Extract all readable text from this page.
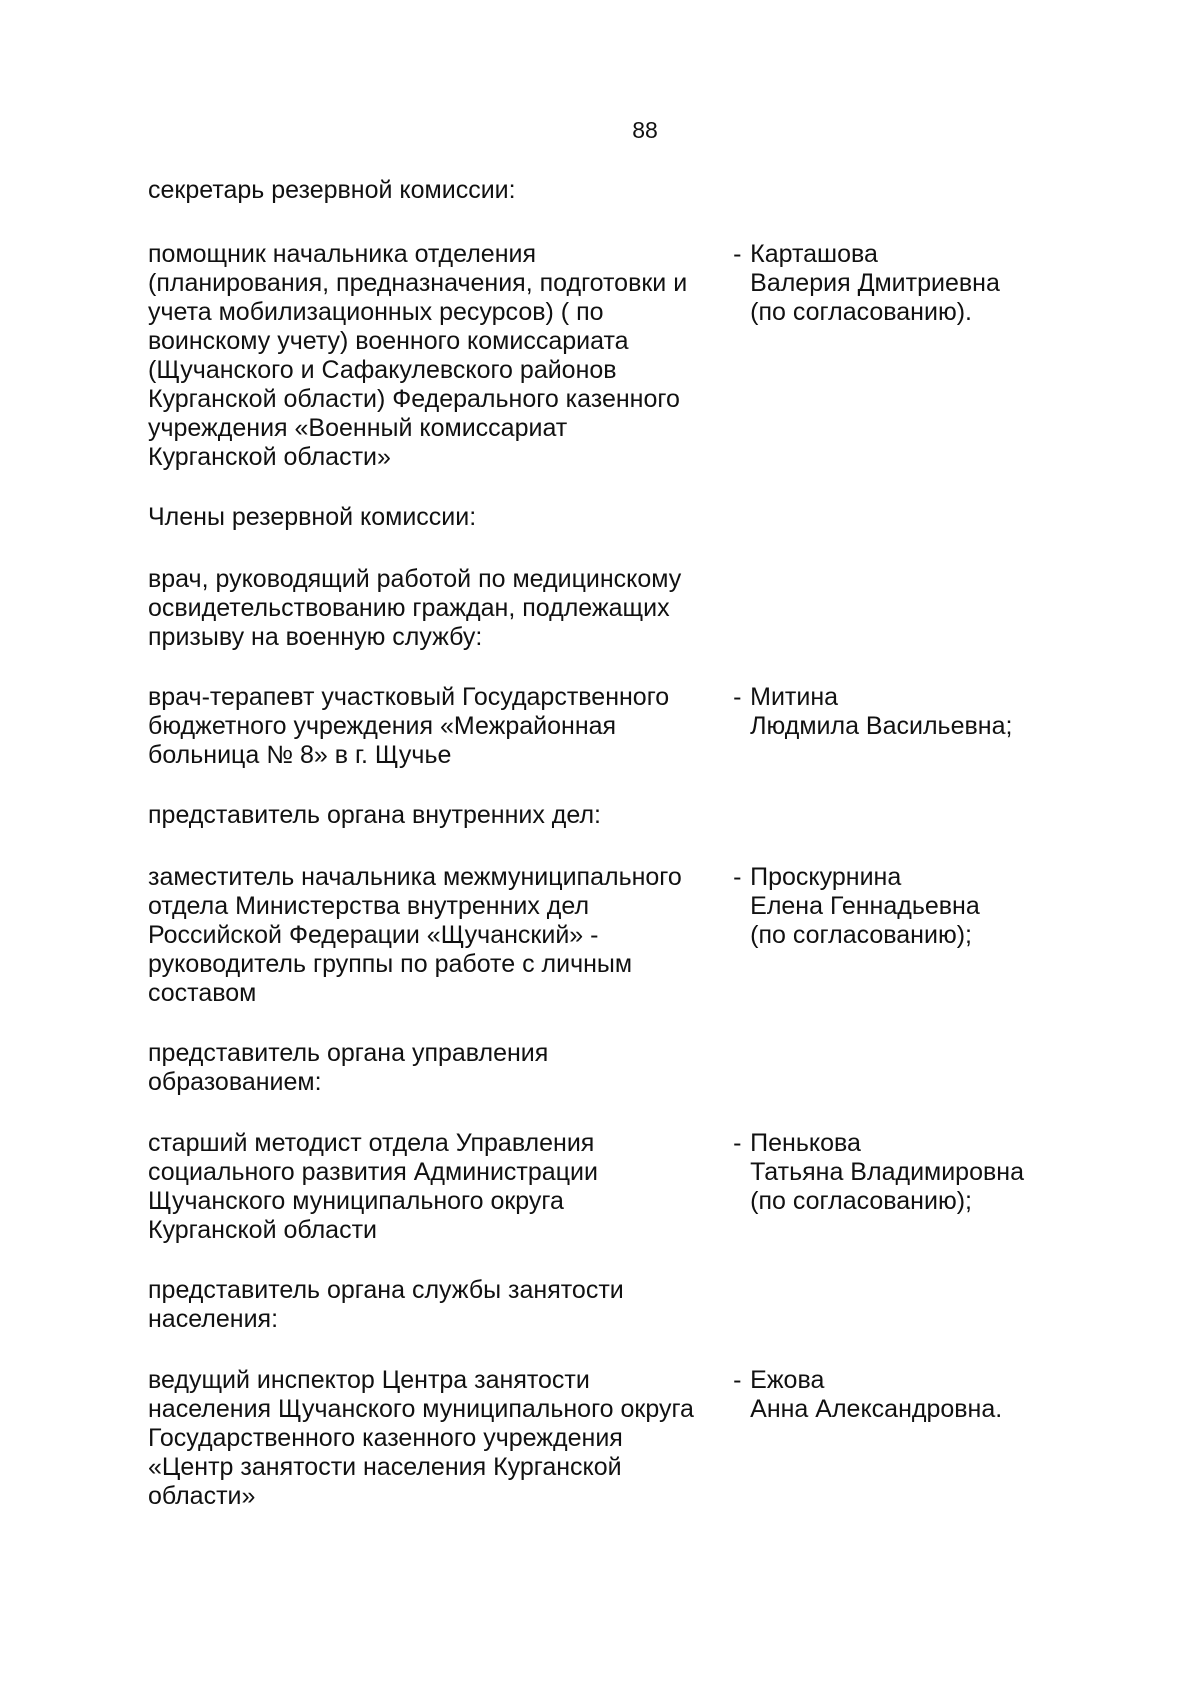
88
секретарь резервной комиссии:
помощник начальника отделения
(планирования, предназначения, подготовки и
учета мобилизационных ресурсов) ( по
воинскому учету) военного комиссариата
(Щучанского и Сафакулевского районов
Курганской области) Федерального казенного
учреждения «Военный комиссариат
Курганской области»
- Карташова
Валерия Дмитриевна
(по согласованию).
Члены резервной комиссии:
врач, руководящий работой по медицинскому
освидетельствованию граждан, подлежащих
призыву на военную службу:
врач-терапевт участковый Государственного
бюджетного учреждения «Межрайонная
больница № 8» в г. Щучье
- Митина
Людмила Васильевна;
представитель органа внутренних дел:
заместитель начальника межмуниципального
отдела Министерства внутренних дел
Российской Федерации «Щучанский» -
руководитель группы по работе с личным
составом
- Проскурнина
Елена Геннадьевна
(по согласованию);
представитель органа управления
образованием:
старший методист отдела Управления
социального развития Администрации
Щучанского муниципального округа
Курганской области
- Пенькова
Татьяна Владимировна
(по согласованию);
представитель органа службы занятости
населения:
ведущий инспектор Центра занятости
населения Щучанского муниципального округа
Государственного казенного учреждения
«Центр занятости населения Курганской
области»
- Ежова
Анна Александровна.
